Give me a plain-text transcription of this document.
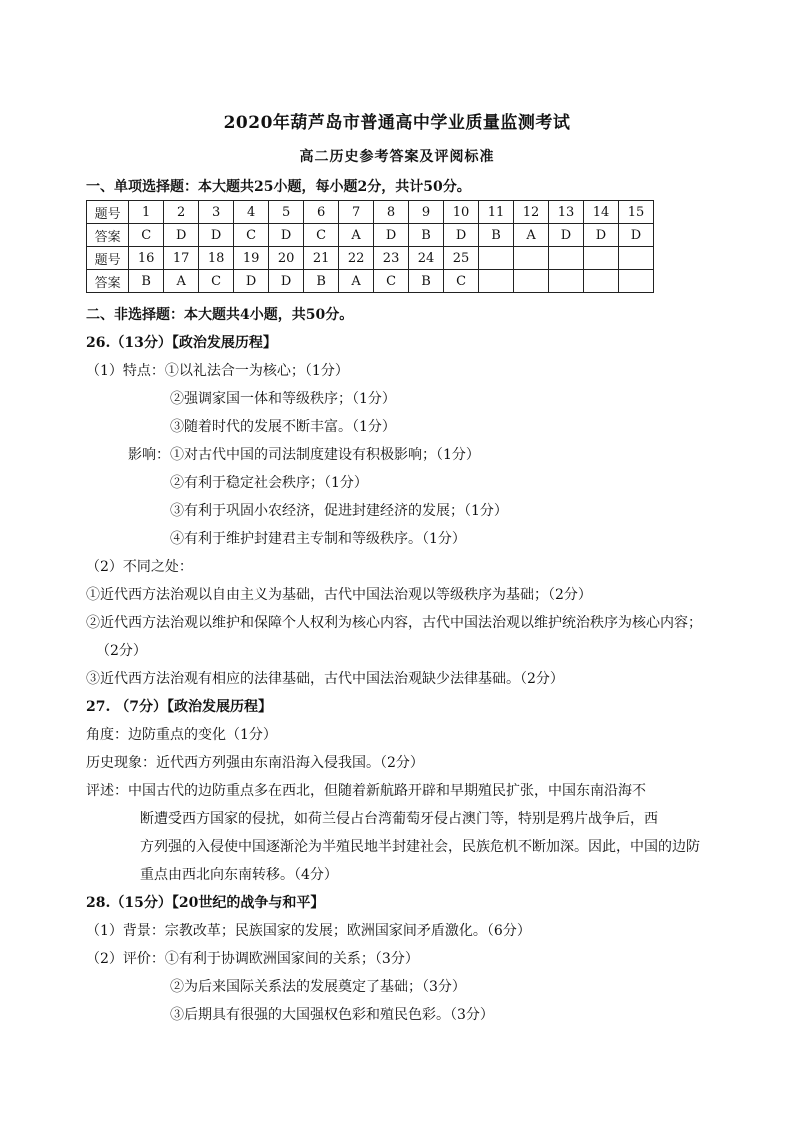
2020年葫芦岛市普通高中学业质量监测考试
高二历史参考答案及评阅标准
一、单项选择题：本大题共25小题，每小题2分，共计50分。
题号	1	2	3	4	5	6	7	8	9	10	11	12	13	14	15
答案	C	D	D	C	D	C	A	D	B	D	B	A	D	D	D
题号	16	17	18	19	20	21	22	23	24	25					
答案	B	A	C	D	D	B	A	C	B	C					
二、非选择题：本大题共4小题，共50分。
26.（13分）【政治发展历程】
（1）特点：①以礼法合一为核心；（1分）
②强调家国一体和等级秩序；（1分）
③随着时代的发展不断丰富。（1分）
影响：①对古代中国的司法制度建设有积极影响；（1分）
②有利于稳定社会秩序；（1分）
③有利于巩固小农经济，促进封建经济的发展；（1分）
④有利于维护封建君主专制和等级秩序。（1分）
（2）不同之处：
①近代西方法治观以自由主义为基础，古代中国法治观以等级秩序为基础；（2分）
②近代西方法治观以维护和保障个人权利为核心内容，古代中国法治观以维护统治秩序为核心内容；
（2分）
③近代西方法治观有相应的法律基础，古代中国法治观缺少法律基础。（2分）
27. （7分）【政治发展历程】
角度：边防重点的变化（1分）
历史现象：近代西方列强由东南沿海入侵我国。（2分）
评述：中国古代的边防重点多在西北，但随着新航路开辟和早期殖民扩张，中国东南沿海不
断遭受西方国家的侵扰，如荷兰侵占台湾葡萄牙侵占澳门等，特别是鸦片战争后，西
方列强的入侵使中国逐渐沦为半殖民地半封建社会，民族危机不断加深。因此，中国的边防
重点由西北向东南转移。（4分）
28.（15分）【20世纪的战争与和平】
（1）背景：宗教改革；民族国家的发展；欧洲国家间矛盾激化。（6分）
（2）评价：①有利于协调欧洲国家间的关系；（3分）
②为后来国际关系法的发展奠定了基础；（3分）
③后期具有很强的大国强权色彩和殖民色彩。（3分）
